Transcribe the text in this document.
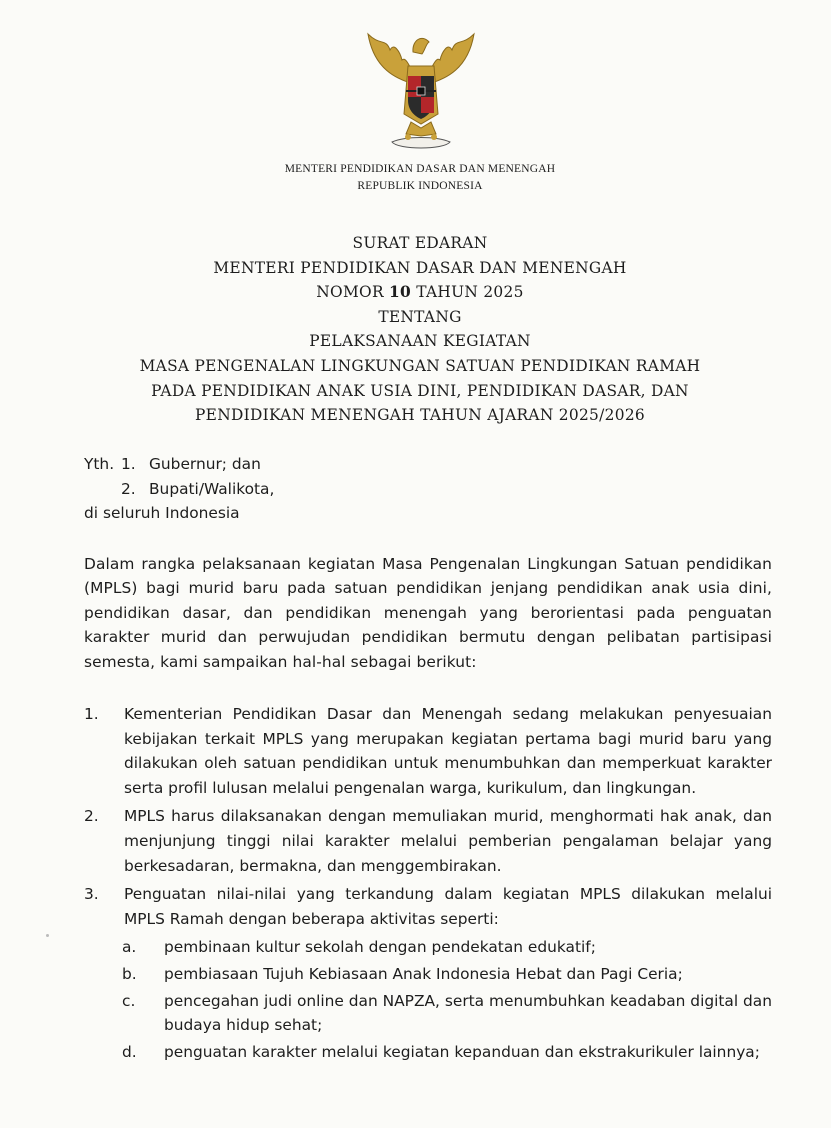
MENTERI PENDIDIKAN DASAR DAN MENENGAH
REPUBLIK INDONESIA
SURAT EDARAN
MENTERI PENDIDIKAN DASAR DAN MENENGAH
NOMOR 10 TAHUN 2025
TENTANG
PELAKSANAAN KEGIATAN
MASA PENGENALAN LINGKUNGAN SATUAN PENDIDIKAN RAMAH
PADA PENDIDIKAN ANAK USIA DINI, PENDIDIKAN DASAR, DAN
PENDIDIKAN MENENGAH TAHUN AJARAN 2025/2026
Yth. 1. Gubernur; dan
2. Bupati/Walikota,
di seluruh Indonesia
Dalam rangka pelaksanaan kegiatan Masa Pengenalan Lingkungan Satuan pendidikan (MPLS) bagi murid baru pada satuan pendidikan jenjang pendidikan anak usia dini, pendidikan dasar, dan pendidikan menengah yang berorientasi pada penguatan karakter murid dan perwujudan pendidikan bermutu dengan pelibatan partisipasi semesta, kami sampaikan hal-hal sebagai berikut:
1. Kementerian Pendidikan Dasar dan Menengah sedang melakukan penyesuaian kebijakan terkait MPLS yang merupakan kegiatan pertama bagi murid baru yang dilakukan oleh satuan pendidikan untuk menumbuhkan dan memperkuat karakter serta profil lulusan melalui pengenalan warga, kurikulum, dan lingkungan.
2. MPLS harus dilaksanakan dengan memuliakan murid, menghormati hak anak, dan menjunjung tinggi nilai karakter melalui pemberian pengalaman belajar yang berkesadaran, bermakna, dan menggembirakan.
3. Penguatan nilai-nilai yang terkandung dalam kegiatan MPLS dilakukan melalui MPLS Ramah dengan beberapa aktivitas seperti:
a. pembinaan kultur sekolah dengan pendekatan edukatif;
b. pembiasaan Tujuh Kebiasaan Anak Indonesia Hebat dan Pagi Ceria;
c. pencegahan judi online dan NAPZA, serta menumbuhkan keadaban digital dan budaya hidup sehat;
d. penguatan karakter melalui kegiatan kepanduan dan ekstrakurikuler lainnya;
